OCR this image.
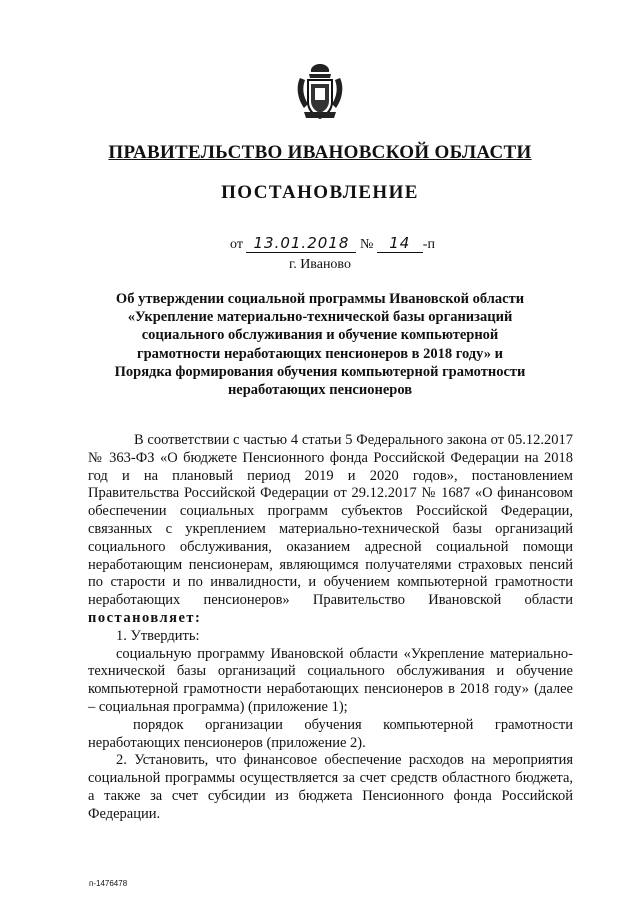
ПРАВИТЕЛЬСТВО ИВАНОВСКОЙ ОБЛАСТИ
ПОСТАНОВЛЕНИЕ
от 13.01.2018 № 14 -п
г. Иваново
Об утверждении социальной программы Ивановской области «Укрепление материально-технической базы организаций социального обслуживания и обучение компьютерной грамотности неработающих пенсионеров в 2018 году» и Порядка формирования обучения компьютерной грамотности неработающих пенсионеров

В соответствии с частью 4 статьи 5 Федерального закона от 05.12.2017 № 363-ФЗ «О бюджете Пенсионного фонда Российской Федерации на 2018 год и на плановый период 2019 и 2020 годов», постановлением Правительства Российской Федерации от 29.12.2017 № 1687 «О финансовом обеспечении социальных программ субъектов Российской Федерации, связанных с укреплением материально-технической базы организаций социального обслуживания, оказанием адресной социальной помощи неработающим пенсионерам, являющимся получателями страховых пенсий по старости и по инвалидности, и обучением компьютерной грамотности неработающих пенсионеров» Правительство Ивановской области постановляет:

1. Утвердить:

социальную программу Ивановской области «Укрепление материально-технической базы организаций социального обслуживания и обучение компьютерной грамотности неработающих пенсионеров в 2018 году» (далее – социальная программа) (приложение 1);

порядок организации обучения компьютерной грамотности неработающих пенсионеров (приложение 2).

2. Установить, что финансовое обеспечение расходов на мероприятия социальной программы осуществляется за счет средств областного бюджета, а также за счет субсидии из бюджета Пенсионного фонда Российской Федерации.

п-1476478
